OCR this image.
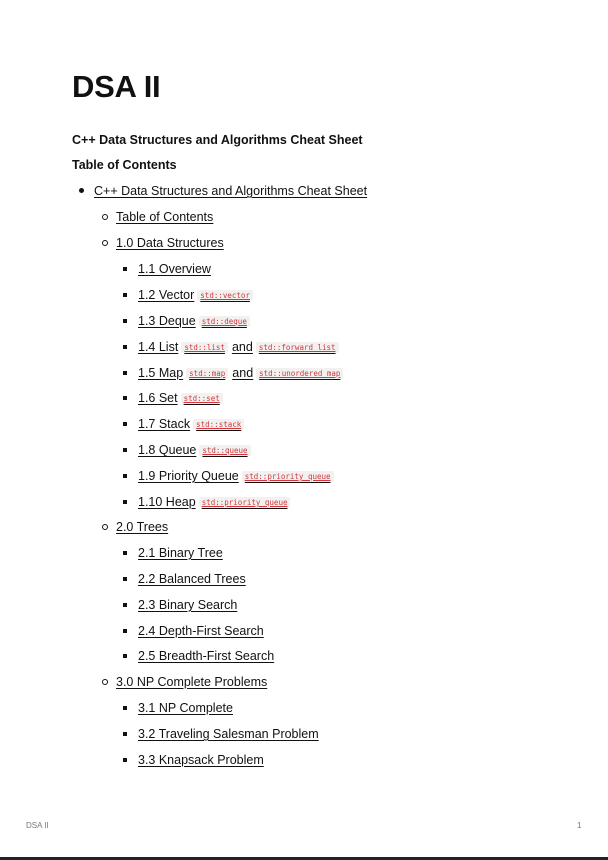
DSA II

C++ Data Structures and Algorithms Cheat Sheet

Table of Contents

C++ Data Structures and Algorithms Cheat Sheet
Table of Contents
1.0 Data Structures
1.1 Overview
1.2 Vector std::vector
1.3 Deque std::deque
1.4 List std::list and std::forward_list
1.5 Map std::map and std::unordered_map
1.6 Set std::set
1.7 Stack std::stack
1.8 Queue std::queue
1.9 Priority Queue std::priority_queue
1.10 Heap std::priority_queue
2.0 Trees
2.1 Binary Tree
2.2 Balanced Trees
2.3 Binary Search
2.4 Depth-First Search
2.5 Breadth-First Search
3.0 NP Complete Problems
3.1 NP Complete
3.2 Traveling Salesman Problem
3.3 Knapsack Problem
DSA II	1
